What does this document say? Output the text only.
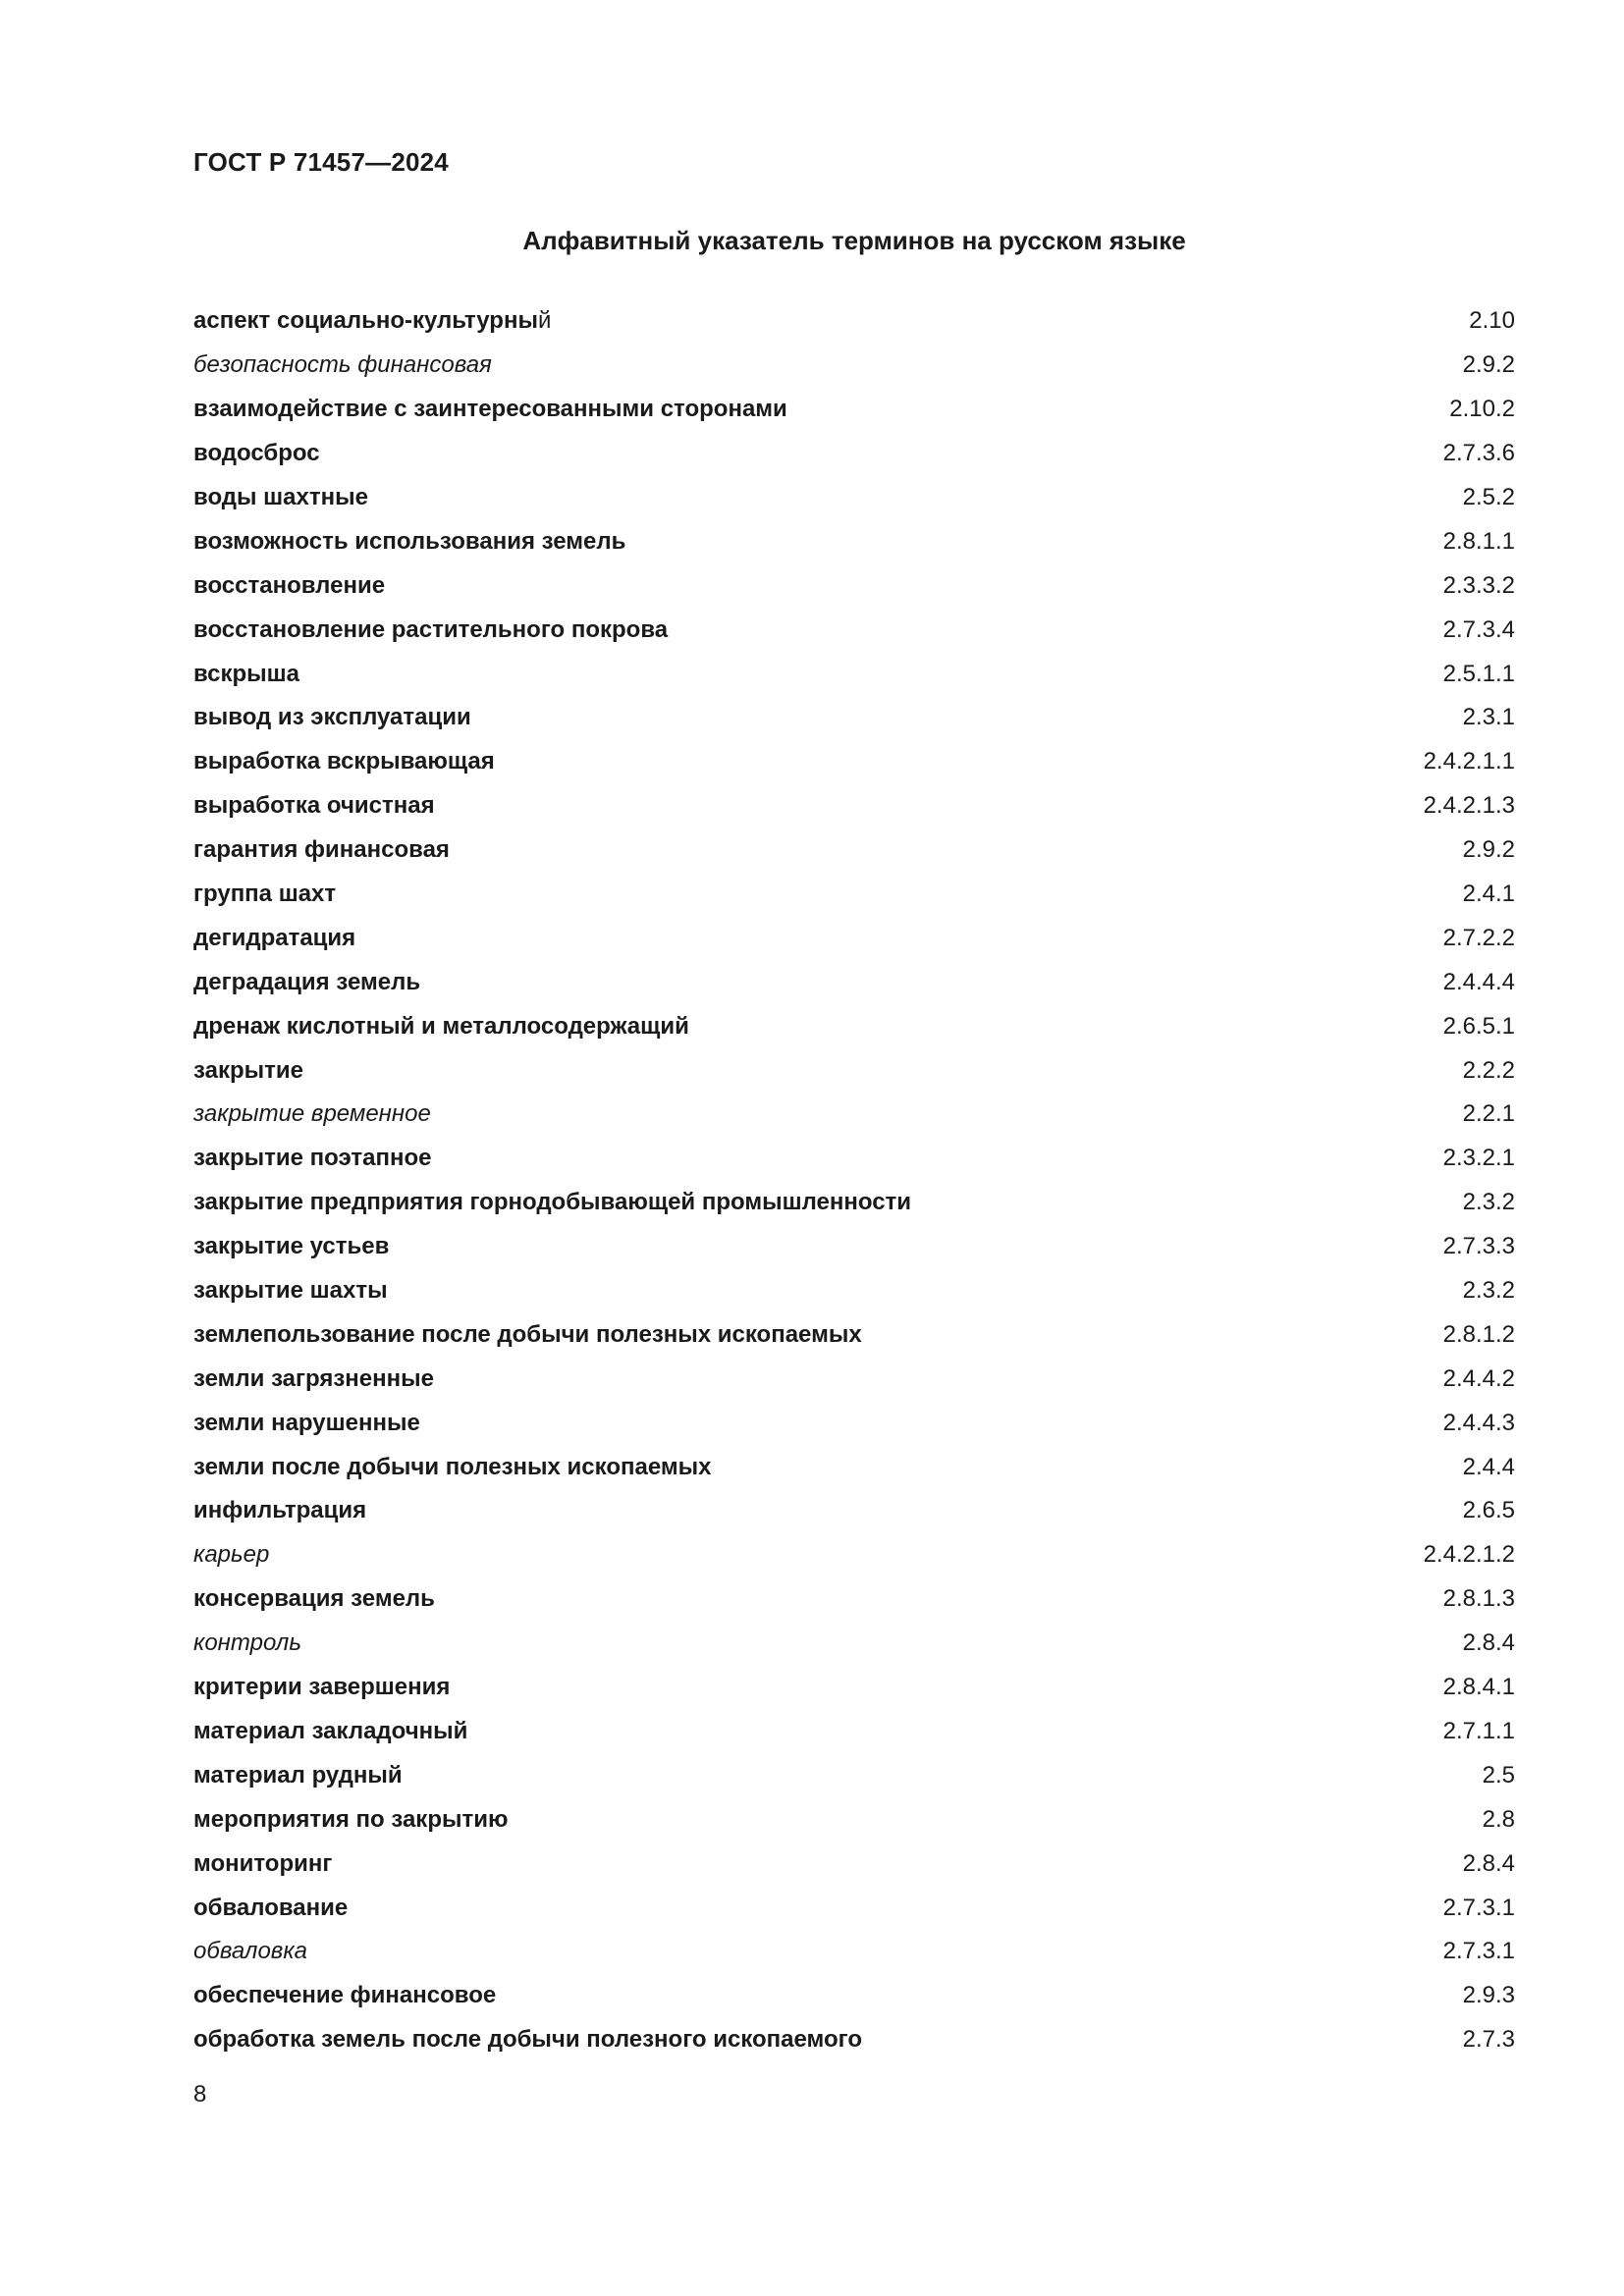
ГОСТ Р 71457—2024
Алфавитный указатель терминов на русском языке
аспект социально-культурный	2.10
безопасность финансовая	2.9.2
взаимодействие с заинтересованными сторонами	2.10.2
водосброс	2.7.3.6
воды шахтные	2.5.2
возможность использования земель	2.8.1.1
восстановление	2.3.3.2
восстановление растительного покрова	2.7.3.4
вскрыша	2.5.1.1
вывод из эксплуатации	2.3.1
выработка вскрывающая	2.4.2.1.1
выработка очистная	2.4.2.1.3
гарантия финансовая	2.9.2
группа шахт	2.4.1
дегидратация	2.7.2.2
деградация земель	2.4.4.4
дренаж кислотный и металлосодержащий	2.6.5.1
закрытие	2.2.2
закрытие временное	2.2.1
закрытие поэтапное	2.3.2.1
закрытие предприятия горнодобывающей промышленности	2.3.2
закрытие устьев	2.7.3.3
закрытие шахты	2.3.2
землепользование после добычи полезных ископаемых	2.8.1.2
земли загрязненные	2.4.4.2
земли нарушенные	2.4.4.3
земли после добычи полезных ископаемых	2.4.4
инфильтрация	2.6.5
карьер	2.4.2.1.2
консервация земель	2.8.1.3
контроль	2.8.4
критерии завершения	2.8.4.1
материал закладочный	2.7.1.1
материал рудный	2.5
мероприятия по закрытию	2.8
мониторинг	2.8.4
обвалование	2.7.3.1
обваловка	2.7.3.1
обеспечение финансовое	2.9.3
обработка земель после добычи полезного ископаемого	2.7.3
8
